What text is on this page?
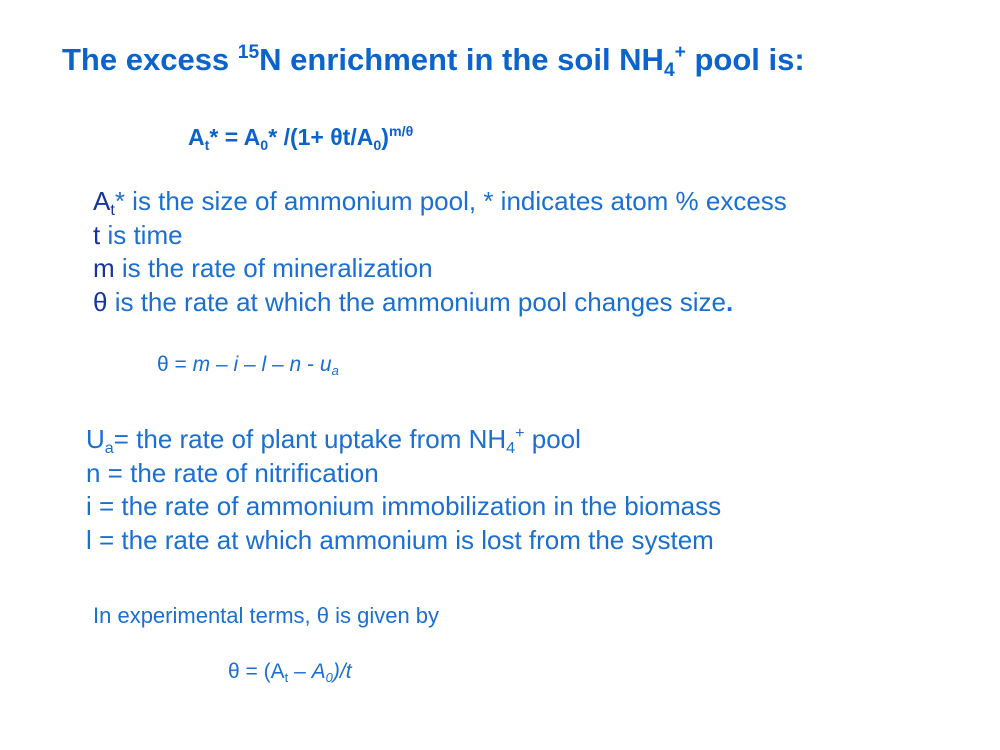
The excess $^{15}$N enrichment in the soil $NH_4^+$ pool is:
$A_t* = A_0*$ $/(1+ \theta t/A_0)^{m/\theta}$
$A_t*$ is the size of ammonium pool, * indicates atom % excess
t is time
m is the rate of mineralization
θ is the rate at which the ammonium pool changes size.
$\theta = m - i - l - n - u_a$
$U_a=$ the rate of plant uptake from $NH_4^+$ pool
n = the rate of nitrification
i = the rate of ammonium immobilization in the biomass
l = the rate at which ammonium is lost from the system
In experimental terms, θ is given by
$\theta = (A_t - A_0)/t$
